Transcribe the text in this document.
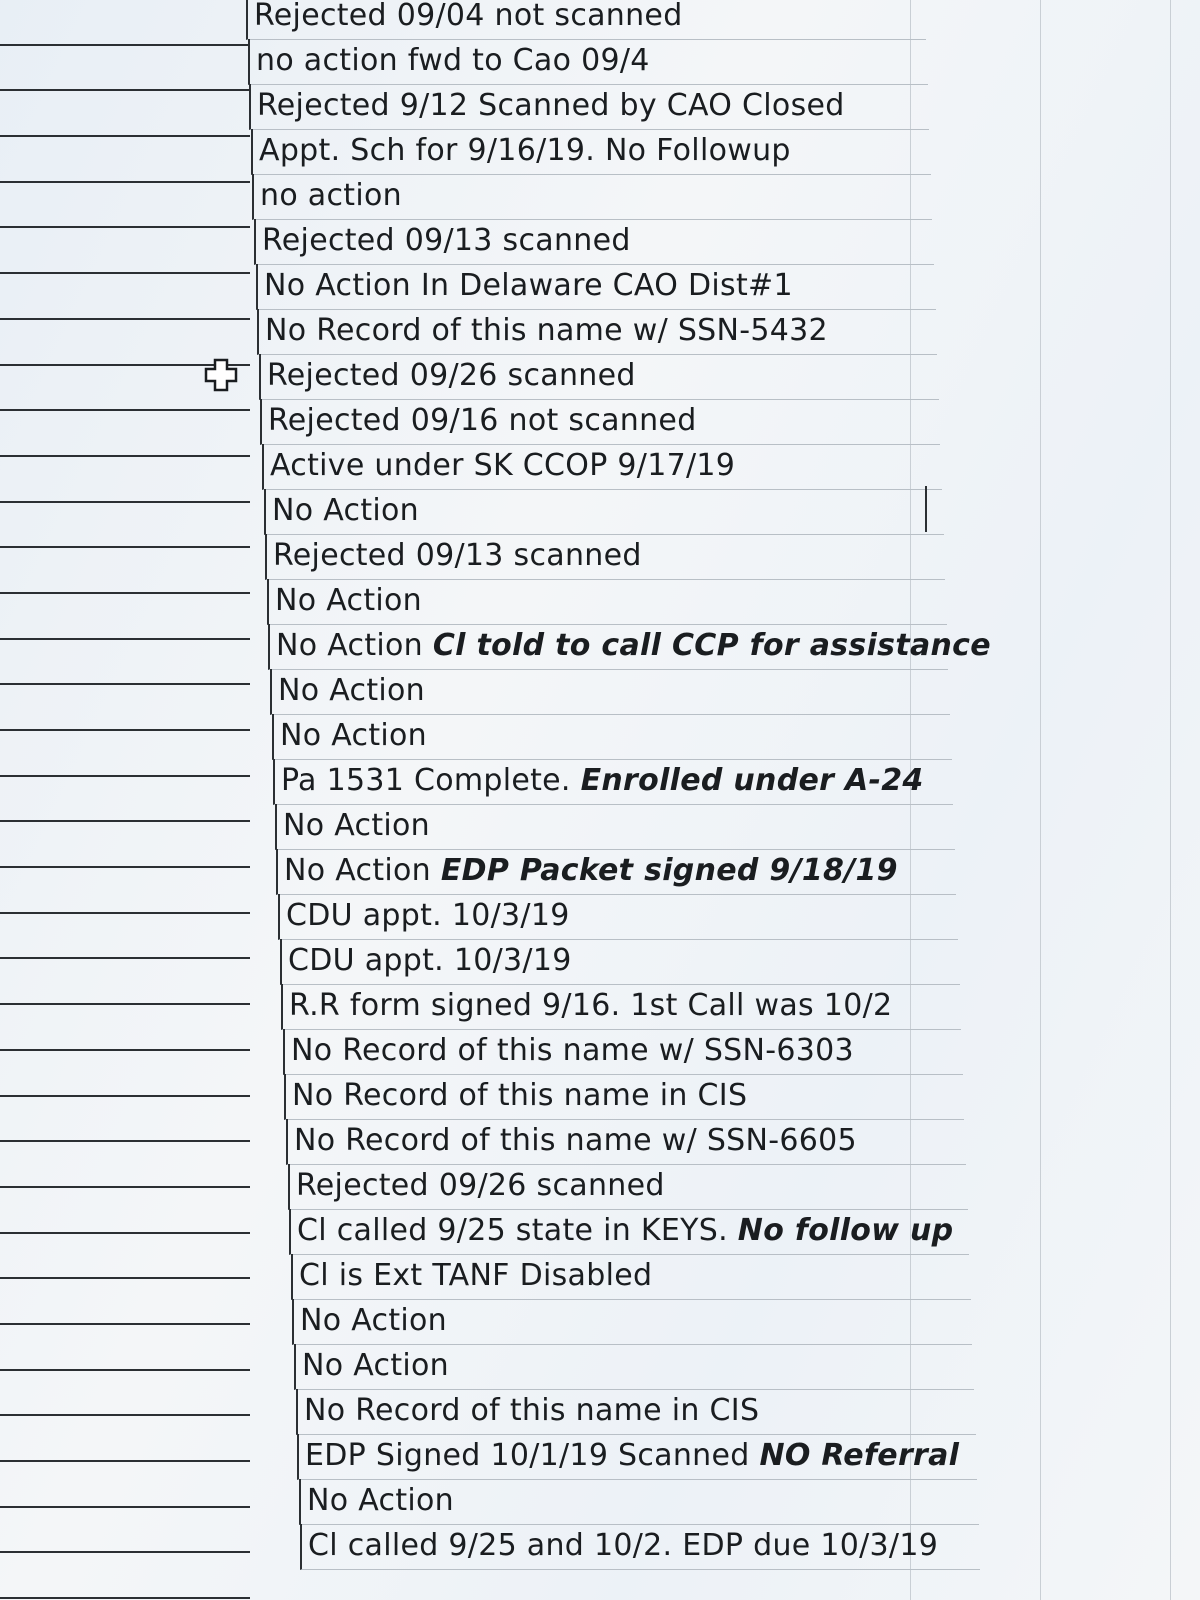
Rejected 09/04 not scanned
no action fwd to Cao 09/4
Rejected 9/12 Scanned by CAO Closed
Appt. Sch for 9/16/19. No Followup
no action
Rejected 09/13 scanned
No Action In Delaware CAO Dist#1
No Record of this name w/ SSN-5432
Rejected 09/26 scanned
Rejected 09/16 not scanned
Active under SK CCOP 9/17/19
No Action
Rejected 09/13 scanned
No Action
No Action Cl told to call CCP for assistance
No Action
No Action
Pa 1531 Complete. Enrolled under A-24
No Action
No Action EDP Packet signed 9/18/19
CDU appt. 10/3/19
CDU appt. 10/3/19
R.R form signed 9/16. 1st Call was 10/2
No Record of this name w/ SSN-6303
No Record of this name in CIS
No Record of this name w/ SSN-6605
Rejected 09/26 scanned
Cl called 9/25 state in KEYS. No follow up
Cl is Ext TANF Disabled
No Action
No Action
No Record of this name in CIS
EDP Signed 10/1/19 Scanned NO Referral
No Action
Cl called 9/25 and 10/2. EDP due 10/3/19
